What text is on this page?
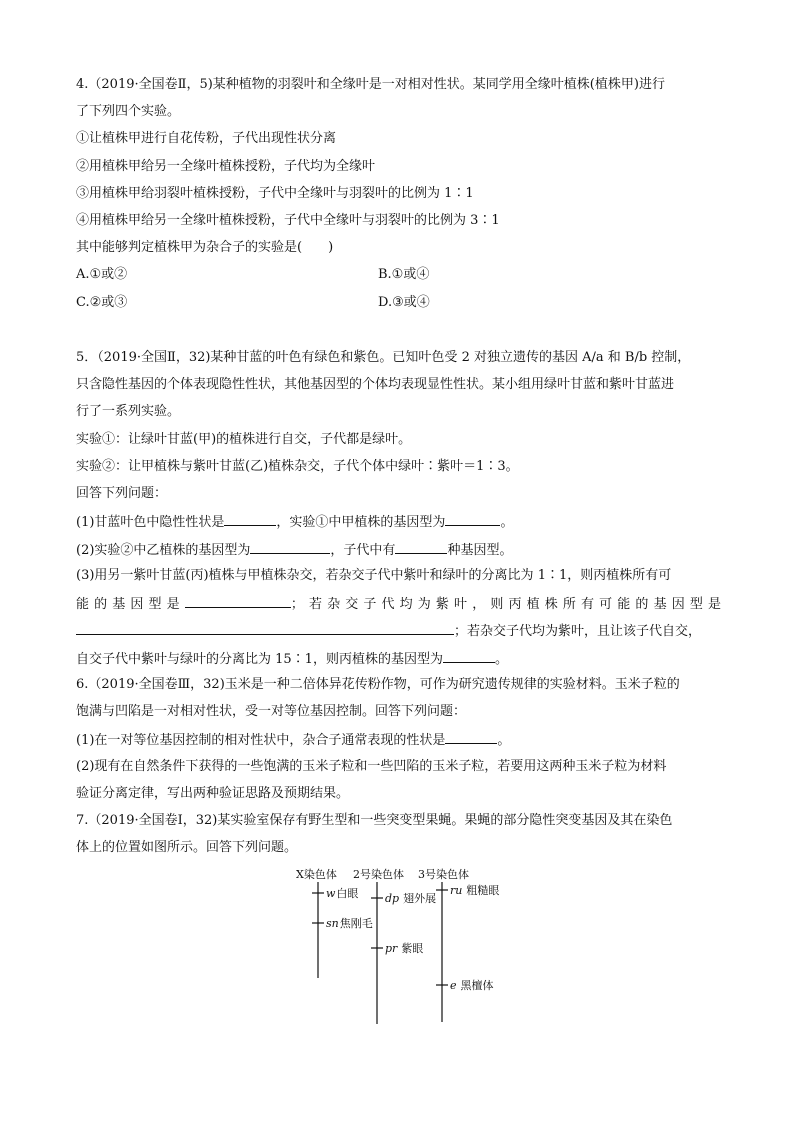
4.（2019·全国卷Ⅱ，5)某种植物的羽裂叶和全缘叶是一对相对性状。某同学用全缘叶植株(植株甲)进行
了下列四个实验。
①让植株甲进行自花传粉，子代出现性状分离
②用植株甲给另一全缘叶植株授粉，子代均为全缘叶
③用植株甲给羽裂叶植株授粉，子代中全缘叶与羽裂叶的比例为 1∶1
④用植株甲给另一全缘叶植株授粉，子代中全缘叶与羽裂叶的比例为 3∶1
其中能够判定植株甲为杂合子的实验是(　　)
A.①或②	B.①或④
C.②或③	D.③或④
5．（2019·全国Ⅱ，32)某种甘蓝的叶色有绿色和紫色。已知叶色受 2 对独立遗传的基因 A/a 和 B/b 控制，
只含隐性基因的个体表现隐性性状，其他基因型的个体均表现显性性状。某小组用绿叶甘蓝和紫叶甘蓝进
行了一系列实验。
实验①：让绿叶甘蓝(甲)的植株进行自交，子代都是绿叶。
实验②：让甲植株与紫叶甘蓝(乙)植株杂交，子代个体中绿叶∶紫叶＝1∶3。
回答下列问题：
(1)甘蓝叶色中隐性性状是	，实验①中甲植株的基因型为	。
(2)实验②中乙植株的基因型为	，子代中有	种基因型。
(3)用另一紫叶甘蓝(丙)植株与甲植株杂交，若杂交子代中紫叶和绿叶的分离比为 1∶1，则丙植株所有可
能的基因型是	；若杂交子代均为紫叶，则丙植株所有可能的基因型是
；若杂交子代均为紫叶，且让该子代自交，
自交子代中紫叶与绿叶的分离比为 15∶1，则丙植株的基因型为	。
6.（2019·全国卷Ⅲ，32)玉米是一种二倍体异花传粉作物，可作为研究遗传规律的实验材料。玉米子粒的
饱满与凹陷是一对相对性状，受一对等位基因控制。回答下列问题：
(1)在一对等位基因控制的相对性状中，杂合子通常表现的性状是	。
(2)现有在自然条件下获得的一些饱满的玉米子粒和一些凹陷的玉米子粒，若要用这两种玉米子粒为材料
验证分离定律，写出两种验证思路及预期结果。
7.（2019·全国卷Ⅰ，32)某实验室保存有野生型和一些突变型果蝇。果蝇的部分隐性突变基因及其在染色
体上的位置如图所示。回答下列问题。
X染色体 2号染色体 3号染色体
w白眼
sn焦刚毛
dp 翅外展
pr 紫眼
ru 粗糙眼
e 黑檀体
